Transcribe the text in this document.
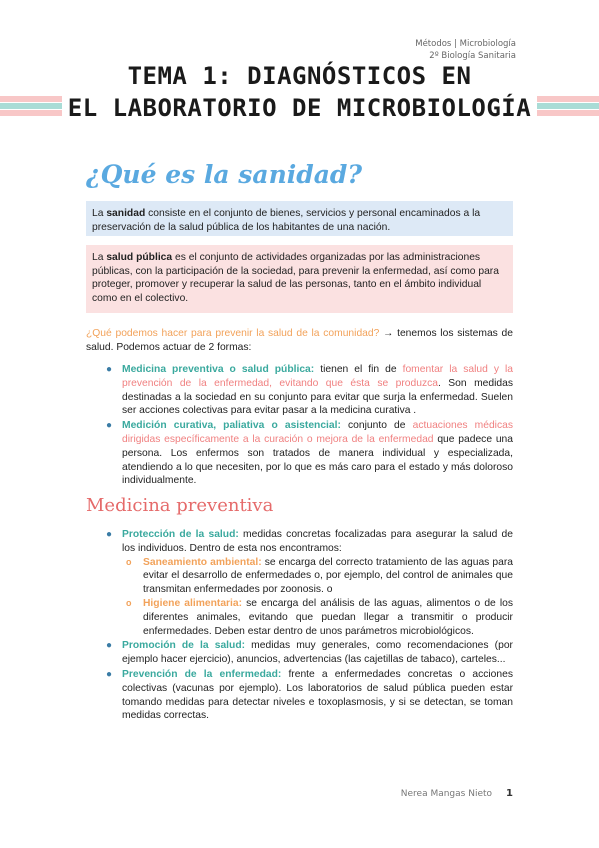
Métodos | Microbiología
2º Biología Sanitaria
TEMA 1: DIAGNÓSTICOS EN
EL LABORATORIO DE MICROBIOLOGÍA
¿Qué es la sanidad?
La sanidad consiste en el conjunto de bienes, servicios y personal encaminados a la preservación de la salud pública de los habitantes de una nación.
La salud pública es el conjunto de actividades organizadas por las administraciones públicas, con la participación de la sociedad, para prevenir la enfermedad, así como para proteger, promover y recuperar la salud de las personas, tanto en el ámbito individual como en el colectivo.
¿Qué podemos hacer para prevenir la salud de la comunidad? → tenemos los sistemas de salud. Podemos actuar de 2 formas:
● Medicina preventiva o salud pública: tienen el fin de fomentar la salud y la prevención de la enfermedad, evitando que ésta se produzca. Son medidas destinadas a la sociedad en su conjunto para evitar que surja la enfermedad. Suelen ser acciones colectivas para evitar pasar a la medicina curativa .
● Medición curativa, paliativa o asistencial: conjunto de actuaciones médicas dirigidas específicamente a la curación o mejora de la enfermedad que padece una persona. Los enfermos son tratados de manera individual y especializada, atendiendo a lo que necesiten, por lo que es más caro para el estado y más doloroso individualmente.
Medicina preventiva
● Protección de la salud: medidas concretas focalizadas para asegurar la salud de los individuos. Dentro de esta nos encontramos:
o Saneamiento ambiental: se encarga del correcto tratamiento de las aguas para evitar el desarrollo de enfermedades o, por ejemplo, del control de animales que transmitan enfermedades por zoonosis. o
o Higiene alimentaria: se encarga del análisis de las aguas, alimentos o de los diferentes animales, evitando que puedan llegar a transmitir o producir enfermedades. Deben estar dentro de unos parámetros microbiológicos.
● Promoción de la salud: medidas muy generales, como recomendaciones (por ejemplo hacer ejercicio), anuncios, advertencias (las cajetillas de tabaco), carteles...
● Prevención de la enfermedad: frente a enfermedades concretas o acciones colectivas (vacunas por ejemplo). Los laboratorios de salud pública pueden estar tomando medidas para detectar niveles e toxoplasmosis, y si se detectan, se toman medidas correctas.
Nerea Mangas Nieto 1
